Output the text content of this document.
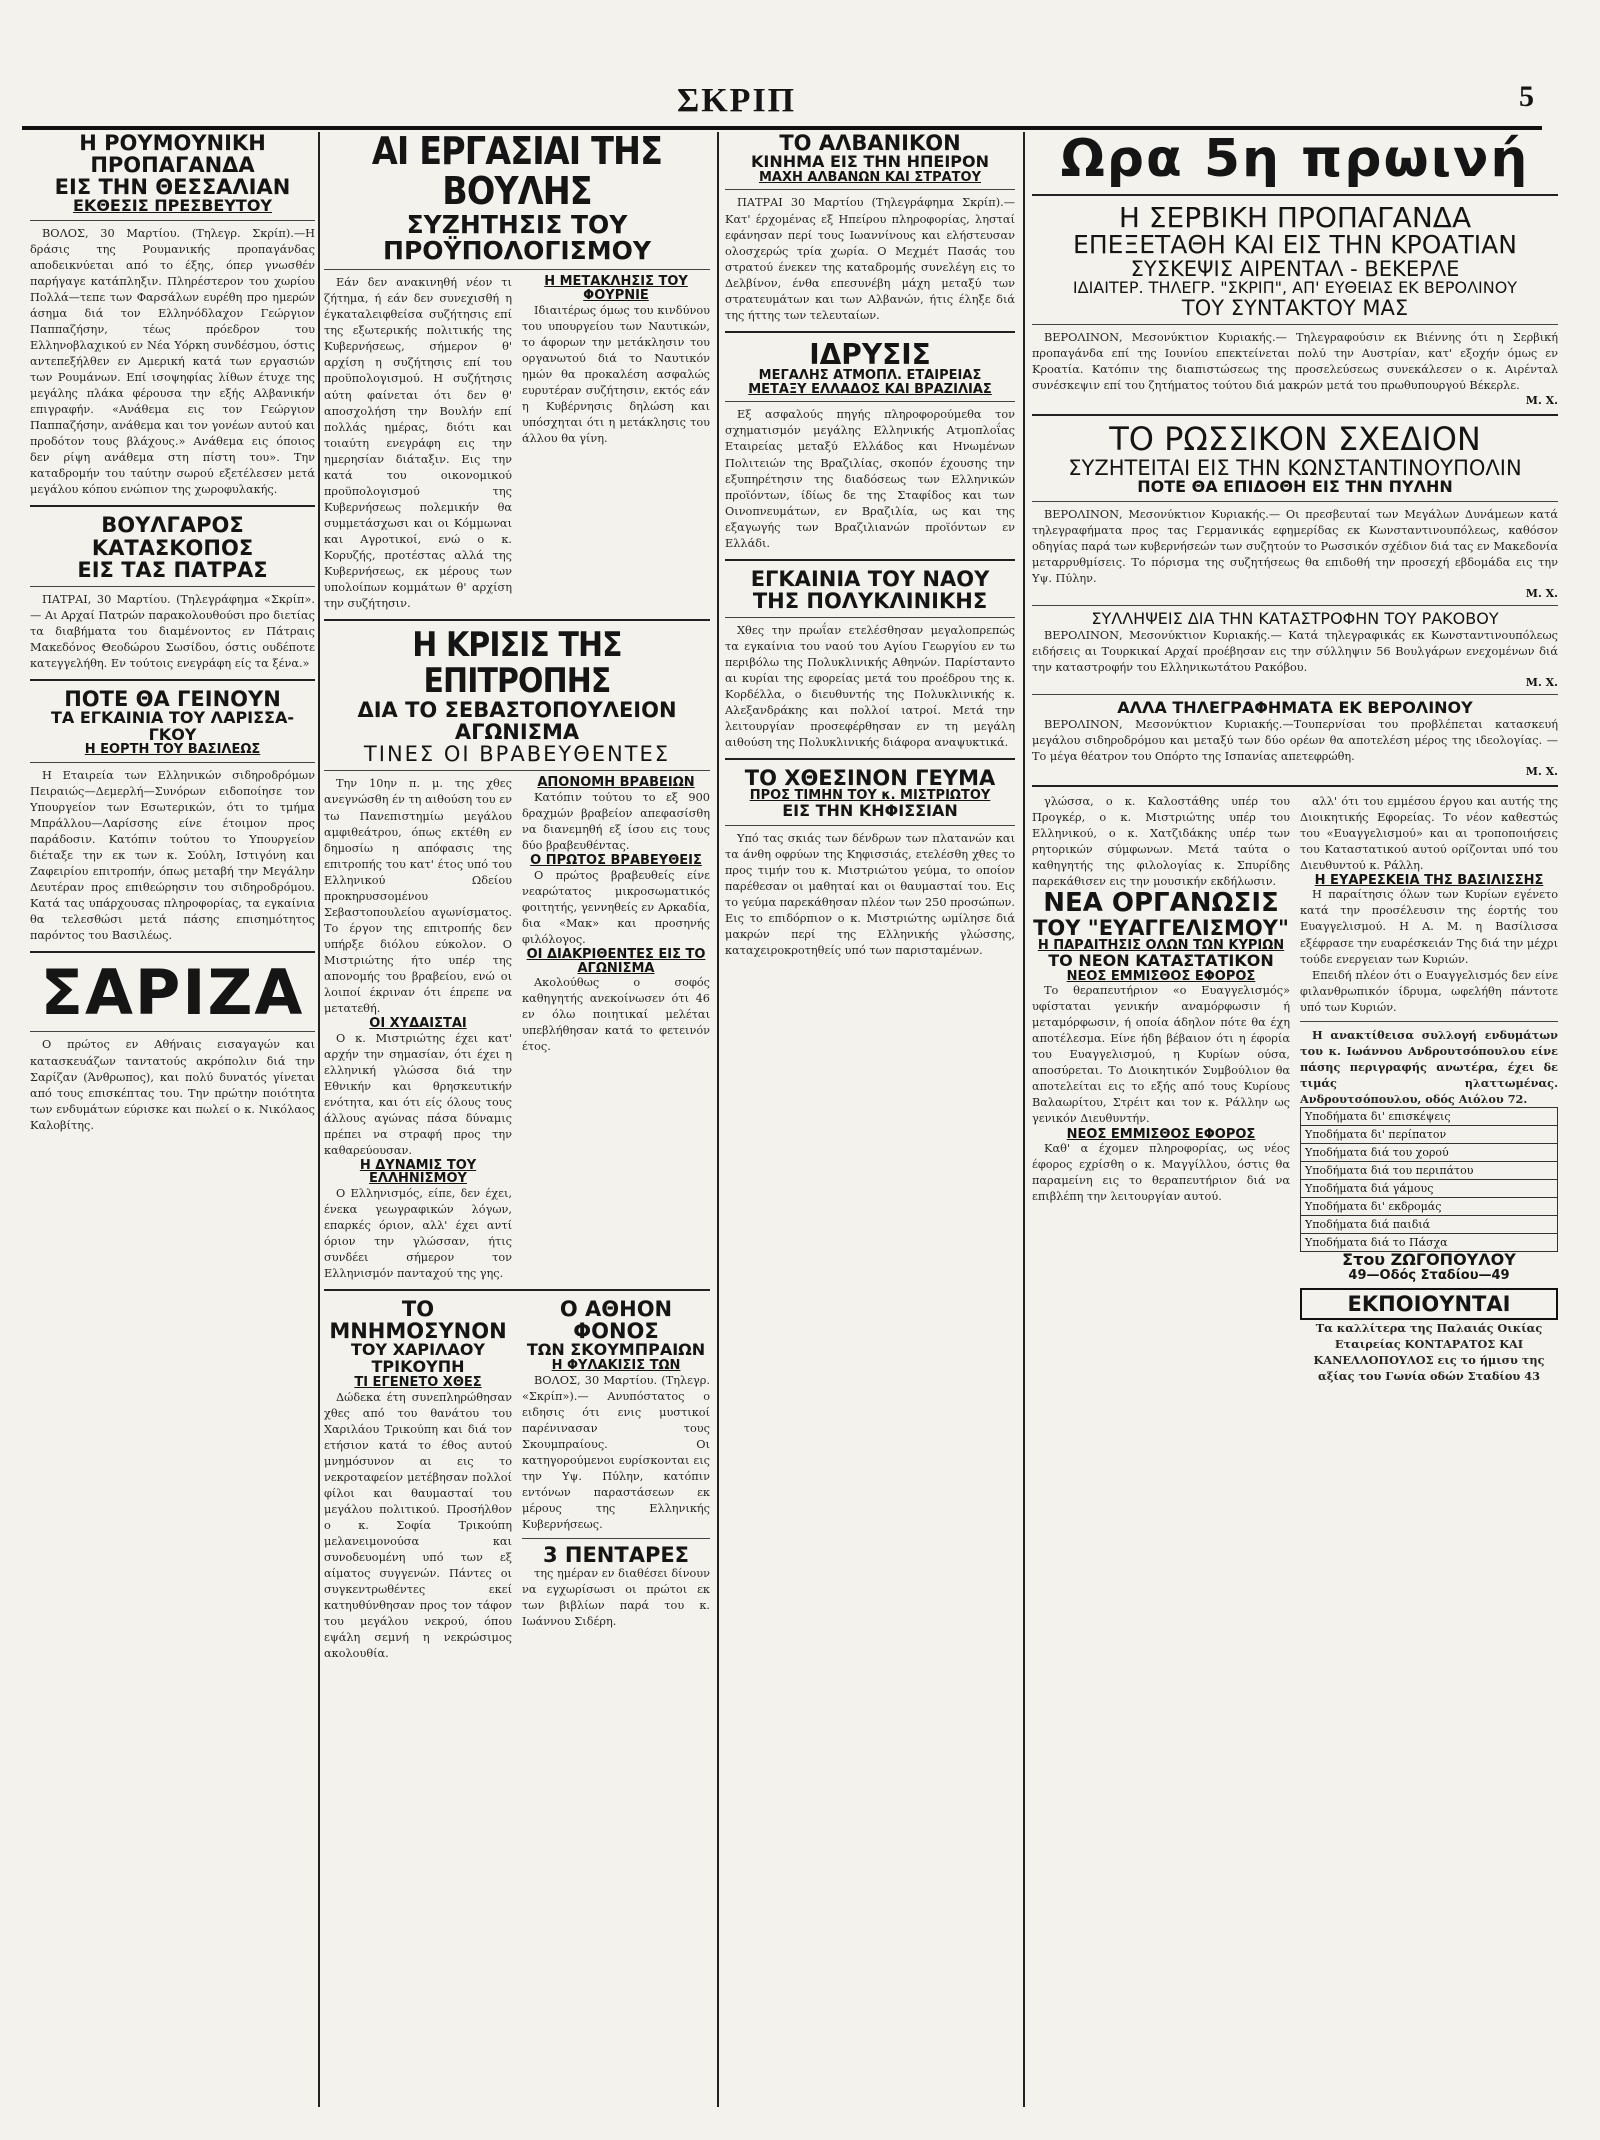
ΣΚΡΙΠ	5
Η ΡΟΥΜΟΥΝΙΚΗ ΠΡΟΠΑΓΑΝΔΑ
ΕΙΣ ΤΗΝ ΘΕΣΣΑΛΙΑΝ
ΕΚΘΕΣΙΣ ΠΡΕΣΒΕΥΤΟΥ

ΒΟΛΟΣ, 30 Μαρτίου. (Τηλεγρ. Σκρίπ).—Η δράσις της Ρουμανικής προπαγάνδας αποδεικνύεται από το έξης, όπερ γνωσθέν παρήγαγε κατάπληξιν. Πληρέστερον του χωρίου Πολλά—τεπε των Φαρσάλων ευρέθη προ ημερών άσημα διά τον Ελληνόδλαχον Γεώργιον Παππαζήσην, τέως πρόεδρον του Ελληνοβλαχικού εν Νέα Υόρκη συνδέσμου, όστις αντεπεξήλθεν εν Αμερική κατά των εργασιών των Ρουμάνων. Επί ισοψηφίας λίθων έτυχε της μεγάλης πλάκα φέρουσα την εξής Αλβανικήν επιγραφήν. «Ανάθεμα εις τον Γεώργιον Παππαζήσην, ανάθεμα και τον γονέων αυτού και προδότον τους βλάχους.» Ανάθεμα εις όποιος δεν ρίψη ανάθεμα στη πίστη του». Την καταδρομήν του ταύτην σωρού εξετέλεσεν μετά μεγάλου κόπου ενώπιον της χωροφυλακής.

ΒΟΥΛΓΑΡΟΣ ΚΑΤΑΣΚΟΠΟΣ
ΕΙΣ ΤΑΣ ΠΑΤΡΑΣ

ΠΑΤΡΑΙ, 30 Μαρτίου. (Τηλεγράφημα «Σκρίπ».— Αι Αρχαί Πατρών παρακολουθούσι προ διετίας τα διαβήματα του διαμένοντος εν Πάτραις Μακεδόνος Θεοδώρου Σωσίδου, όστις ουδέποτε κατεγγελήθη. Εν τούτοις ενεγράφη είς τα ξένα.»

ΠΟΤΕ ΘΑ ΓΕΙΝΟΥΝ
ΤΑ ΕΓΚΑΙΝΙΑ ΤΟΥ ΛΑΡΙΣΣΑ-ΓΚΟΥ
Η ΕΟΡΤΗ ΤΟΥ ΒΑΣΙΛΕΩΣ

Η Εταιρεία των Ελληνικών σιδηροδρόμων Πειραιώς—Δεμερλή—Συνόρων ειδοποίησε τον Υπουργείον των Εσωτερικών, ότι το τμήμα Μπράλλου—Λαρίσσης είνε έτοιμον προς παράδοσιν. Κατόπιν τούτου το Υπουργείον διέταξε την εκ των κ. Σούλη, Ιστιγόνη και Ζαφειρίου επιτροπήν, όπως μεταβή την Μεγάλην Δευτέραν προς επιθεώρησιν του σιδηροδρόμου. Κατά τας υπάρχουσας πληροφορίας, τα εγκαίνια θα τελεσθώσι μετά πάσης επισημότητος παρόντος του Βασιλέως.

ΣΑΡΙΖΑ

Ο πρώτος εν Αθήναις εισαγαγών και κατασκευάζων ταντατούς ακρόπολιν διά την Σαρίζαν (Άνθρωπος), και πολύ δυνατός γίνεται από τους επισκέπτας του. Την πρώτην ποιότητα των ενδυμάτων εύρισκε και πωλεί ο κ. Νικόλαος Καλοβίτης.

ΑΙ ΕΡΓΑΣΙΑΙ ΤΗΣ ΒΟΥΛΗΣ
ΣΥΖΗΤΗΣΙΣ ΤΟΥ ΠΡΟΫΠΟΛΟΓΙΣΜΟΥ

Εάν δεν ανακινηθή νέον τι ζήτημα, ή εάν δεν συνεχισθή η έγκαταλειφθείσα συζήτησις επί της εξωτερικής πολιτικής της Κυβερνήσεως, σήμερον θ' αρχίση η συζήτησις επί του προϋπολογισμού. Η συζήτησις αύτη φαίνεται ότι δεν θ' αποσχολήση την Βουλήν επί πολλάς ημέρας, διότι και τοιαύτη ενεγράφη εις την ημερησίαν διάταξιν. Εις την κατά του οικονομικού προϋπολογισμού της Κυβερνήσεως πολεμικήν θα συμμετάσχωσι και οι Κόμμωναι και Αγροτικοί, ενώ ο κ. Κορυζής, προτέστας αλλά της Κυβερνήσεως, εκ μέρους των υπολοίπων κομμάτων θ' αρχίση την συζήτησιν.

Η ΜΕΤΑΚΛΗΣΙΣ ΤΟΥ ΦΟΥΡΝΙΕ

Ιδιαιτέρως όμως του κινδύνου του υπουργείου των Ναυτικών, το άφορων την μετάκλησιν του οργανωτού διά το Ναυτικόν ημών θα προκαλέση ασφαλώς ευρυτέραν συζήτησιν, εκτός εάν η Κυβέρνησις δηλώση και υπόσχηται ότι η μετάκλησις του άλλου θα γίνη.

Η ΚΡΙΣΙΣ ΤΗΣ ΕΠΙΤΡΟΠΗΣ
ΔΙΑ ΤΟ ΣΕΒΑΣΤΟΠΟΥΛΕΙΟΝ ΑΓΩΝΙΣΜΑ
ΤΙΝΕΣ ΟΙ ΒΡΑΒΕΥΘΕΝΤΕΣ

Την 10ην π. μ. της χθες ανεγνώσθη έν τη αιθούση του εν τω Πανεπιστημίω μεγάλου αμφιθεάτρου, όπως εκτέθη εν δημοσίω η απόφασις της επιτροπής του κατ' έτος υπό του Ελληνικού Ωδείου προκηρυσσομένου Σεβαστοπουλείου αγωνίσματος. Το έργον της επιτροπής δεν υπήρξε διόλου εύκολον. Ο Μιστριώτης ήτο υπέρ της απονομής του βραβείου, ενώ οι λοιποί έκριναν ότι έπρεπε να μετατεθή.

ΟΙ ΧΥΔΑΙΣΤΑΙ

Ο κ. Μιστριώτης έχει κατ' αρχήν την σημασίαν, ότι έχει η ελληνική γλώσσα διά την Εθνικήν και θρησκευτικήν ενότητα, και ότι είς όλους τους άλλους αγώνας πάσα δύναμις πρέπει να στραφή προς την καθαρεύουσαν.

Η ΔΥΝΑΜΙΣ ΤΟΥ ΕΛΛΗΝΙΣΜΟΥ

Ο Ελληνισμός, είπε, δεν έχει, ένεκα γεωγραφικών λόγων, επαρκές όριον, αλλ' έχει αντί όριον την γλώσσαν, ήτις συνδέει σήμερον τον Ελληνισμόν πανταχού της γης.

ΑΠΟΝΟΜΗ ΒΡΑΒΕΙΩΝ

Κατόπιν τούτου το εξ 900 δραχμών βραβείον απεφασίσθη να διανεμηθή εξ ίσου εις τους δύο βραβευθέντας.

Ο ΠΡΩΤΟΣ ΒΡΑΒΕΥΘΕΙΣ

Ο πρώτος βραβευθείς είνε νεαρώτατος μικροσωματικός φοιτητής, γεννηθείς εν Αρκαδία, δια «Μακ» και προσηνής φιλόλογος.

ΟΙ ΔΙΑΚΡΙΘΕΝΤΕΣ ΕΙΣ ΤΟ ΑΓΩΝΙΣΜΑ

Ακολούθως ο σοφός καθηγητής ανεκοίνωσεν ότι 46 εν όλω ποιητικαί μελέται υπεβλήθησαν κατά το φετεινόν έτος.

ΤΟ ΜΝΗΜΟΣΥΝΟΝ
ΤΟΥ ΧΑΡΙΛΑΟΥ ΤΡΙΚΟΥΠΗ
ΤΙ ΕΓΕΝΕΤΟ ΧΘΕΣ

Δώδεκα έτη συνεπληρώθησαν χθες από του θανάτου του Χαριλάου Τρικούπη και διά τον ετήσιον κατά το έθος αυτού μνημόσυνον αι εις το νεκροταφείον μετέβησαν πολλοί φίλοι και θαυμασταί του μεγάλου πολιτικού. Προσήλθον ο κ. Σοφία Τρικούπη μελανειμονούσα και συνοδευομένη υπό των εξ αίματος συγγενών. Πάντες οι συγκεντρωθέντες εκεί κατηυθύνθησαν προς τον τάφον του μεγάλου νεκρού, όπου εψάλη σεμνή η νεκρώσιμος ακολουθία.

Ο ΑΘΗΟΝ ΦΟΝΟΣ
ΤΩΝ ΣΚΟΥΜΠΡΑΙΩΝ
Η ΦΥΛΑΚΙΣΙΣ ΤΩΝ

ΒΟΛΟΣ, 30 Μαρτίου. (Τηλεγρ. «Σκρίπ»).— Ανυπόστατος ο ειδησις ότι ενις μυστικοί παρένινασαν τους Σκουμπραίους. Οι κατηγορούμενοι ευρίσκονται εις την Υψ. Πύλην, κατόπιν εντόνων παραστάσεων εκ μέρους της Ελληνικής Κυβερνήσεως.

3 ΠΕΝΤΑΡΕΣ

της ημέραν εν διαθέσει δίνουν να εγχωρίσωσι οι πρώτοι εκ των βιβλίων παρά του κ. Ιωάννου Σιδέρη.

ΤΟ ΑΛΒΑΝΙΚΟΝ
ΚΙΝΗΜΑ ΕΙΣ ΤΗΝ ΗΠΕΙΡΟΝ
ΜΑΧΗ ΑΛΒΑΝΩΝ ΚΑΙ ΣΤΡΑΤΟΥ

ΠΑΤΡΑΙ 30 Μαρτίου (Τηλεγράφημα Σκρίπ).—Κατ' έρχομένας εξ Ηπείρου πληροφορίας, λησταί εφάνησαν περί τους Ιωαννίνους και ελήστευσαν ολοσχερώς τρία χωρία. Ο Μεχμέτ Πασάς του στρατού ένεκεν της καταδρομής συνελέγη εις το Δελβίνον, ένθα επεσυνέβη μάχη μεταξύ των στρατευμάτων και των Αλβανών, ήτις έληξε διά της ήττης των τελευταίων.

ΙΔΡΥΣΙΣ
ΜΕΓΑΛΗΣ ΑΤΜΟΠΛ. ΕΤΑΙΡΕΙΑΣ
ΜΕΤΑΞΥ ΕΛΛΑΔΟΣ ΚΑΙ ΒΡΑΖΙΛΙΑΣ

Εξ ασφαλούς πηγής πληροφορούμεθα τον σχηματισμόν μεγάλης Ελληνικής Ατμοπλοΐας Εταιρείας μεταξύ Ελλάδος και Ηνωμένων Πολιτειών της Βραζιλίας, σκοπόν έχουσης την εξυπηρέτησιν της διαδόσεως των Ελληνικών προϊόντων, ίδίως δε της Σταφίδος και των Οινοπνευμάτων, εν Βραζιλία, ως και της εξαγωγής των Βραζιλιανών προϊόντων εν Ελλάδι.

ΕΓΚΑΙΝΙΑ ΤΟΥ ΝΑΟΥ
ΤΗΣ ΠΟΛΥΚΛΙΝΙΚΗΣ

Χθες την πρωΐαν ετελέσθησαν μεγαλοπρεπώς τα εγκαίνια του ναού του Αγίου Γεωργίου εν τω περιβόλω της Πολυκλινικής Αθηνών. Παρίσταντο αι κυρίαι της εφορείας μετά του προέδρου της κ. Κορδέλλα, ο διευθυντής της Πολυκλινικής κ. Αλεξανδράκης και πολλοί ιατροί. Μετά την λειτουργίαν προσεφέρθησαν εν τη μεγάλη αιθούση της Πολυκλινικής διάφορα αναψυκτικά.

ΤΟ ΧΘΕΣΙΝΟΝ ΓΕΥΜΑ
ΠΡΟΣ ΤΙΜΗΝ ΤΟΥ κ. ΜΙΣΤΡΙΩΤΟΥ
ΕΙΣ ΤΗΝ ΚΗΦΙΣΣΙΑΝ

Υπό τας σκιάς των δένδρων των πλατανών και τα άνθη οφρύων της Κηφισσιάς, ετελέσθη χθες το προς τιμήν του κ. Μιστριώτου γεύμα, το οποίον παρέθεσαν οι μαθηταί και οι θαυμασταί του. Εις το γεύμα παρεκάθησαν πλέον των 250 προσώπων. Εις το επιδόρπιον ο κ. Μιστριώτης ωμίλησε διά μακρών περί της Ελληνικής γλώσσης, καταχειροκροτηθείς υπό των παρισταμένων.

Ωρα 5η πρωινή
Η ΣΕΡΒΙΚΗ ΠΡΟΠΑΓΑΝΔΑ
ΕΠΕΞΕΤΑΘΗ ΚΑΙ ΕΙΣ ΤΗΝ ΚΡΟΑΤΙΑΝ
ΣΥΣΚΕΨΙΣ ΑΙΡΕΝΤΑΛ - ΒΕΚΕΡΛΕ
ΙΔΙΑΙΤΕΡ. ΤΗΛΕΓΡ. "ΣΚΡΙΠ", ΑΠ' ΕΥΘΕΙΑΣ ΕΚ ΒΕΡΟΛΙΝΟΥ
ΤΟΥ ΣΥΝΤΑΚΤΟΥ ΜΑΣ

ΒΕΡΟΛΙΝΟΝ, Μεσονύκτιον Κυριακής.— Τηλεγραφούσιν εκ Βιέννης ότι η Σερβική προπαγάνδα επί της Ιουνίου επεκτείνεται πολύ την Αυστρίαν, κατ' εξοχήν όμως εν Κροατία. Κατόπιν της διαπιστώσεως της προσελεύσεως συνεκάλεσεν ο κ. Αιρένταλ συνέσκεψιν επί του ζητήματος τούτου διά μακρών μετά του πρωθυπουργού Βέκερλε.

Μ. Χ.
ΤΟ ΡΩΣΣΙΚΟΝ ΣΧΕΔΙΟΝ
ΣΥΖΗΤΕΙΤΑΙ ΕΙΣ ΤΗΝ ΚΩΝΣΤΑΝΤΙΝΟΥΠΟΛΙΝ
ΠΟΤΕ ΘΑ ΕΠΙΔΟΘΗ ΕΙΣ ΤΗΝ ΠΥΛΗΝ

ΒΕΡΟΛΙΝΟΝ, Μεσονύκτιον Κυριακής.— Οι πρεσβευταί των Μεγάλων Δυνάμεων κατά τηλεγραφήματα προς τας Γερμανικάς εφημερίδας εκ Κωνσταντινουπόλεως, καθόσον οδηγίας παρά των κυβερνήσεών των συζητούν το Ρωσσικόν σχέδιον διά τας εν Μακεδονία μεταρρυθμίσεις. Το πόρισμα της συζητήσεως θα επιδοθή την προσεχή εβδομάδα εις την Υψ. Πύλην.

Μ. Χ.
ΣΥΛΛΗΨΕΙΣ ΔΙΑ ΤΗΝ ΚΑΤΑΣΤΡΟΦΗΝ ΤΟΥ ΡΑΚΟΒΟΥ

ΒΕΡΟΛΙΝΟΝ, Μεσονύκτιον Κυριακής.— Κατά τηλεγραφικάς εκ Κωνσταντινουπόλεως ειδήσεις αι Τουρκικαί Αρχαί προέβησαν εις την σύλληψιν 56 Βουλγάρων ενεχομένων διά την καταστροφήν του Ελληνικωτάτου Ρακόβου.

Μ. Χ.
ΑΛΛΑ ΤΗΛΕΓΡΑΦΗΜΑΤΑ ΕΚ ΒΕΡΟΛΙΝΟΥ

ΒΕΡΟΛΙΝΟΝ, Μεσονύκτιον Κυριακής.—Τουπερνίσαι του προβλέπεται κατασκευή μεγάλου σιδηροδρόμου και μεταξύ των δύο ορέων θα αποτελέση μέρος της ιδεολογίας. — Το μέγα θέατρον του Οπόρτο της Ισπανίας απετεφρώθη.

Μ. Χ.

γλώσσα, ο κ. Καλοστάθης υπέρ του Προγκέρ, ο κ. Μιστριώτης υπέρ του Ελληνικού, ο κ. Χατζιδάκης υπέρ των ρητορικών σύμφωνων. Μετά ταύτα ο καθηγητής της φιλολογίας κ. Σπυρίδης παρεκάθισεν εις την μουσικήν εκδήλωσιν.

ΝΕΑ ΟΡΓΑΝΩΣΙΣ
ΤΟΥ "ΕΥΑΓΓΕΛΙΣΜΟΥ"
Η ΠΑΡΑΙΤΗΣΙΣ ΟΛΩΝ ΤΩΝ ΚΥΡΙΩΝ
ΤΟ ΝΕΟΝ ΚΑΤΑΣΤΑΤΙΚΟΝ
ΝΕΟΣ ΕΜΜΙΣΘΟΣ ΕΦΟΡΟΣ

Το θεραπευτήριον «ο Ευαγγελισμός» υφίσταται γενικήν αναμόρφωσιν ή μεταμόρφωσιν, ή οποία άδηλον πότε θα έχη αποτέλεσμα. Είνε ήδη βέβαιον ότι η έφορία του Ευαγγελισμού, η Κυρίων ούσα, αποσύρεται. Το Διοικητικόν Συμβούλιον θα αποτελείται εις το εξής από τους Κυρίους Βαλαωρίτου, Στρέιτ και τον κ. Ράλλην ως γενικόν Διευθυντήν.

ΝΕΟΣ ΕΜΜΙΣΘΟΣ ΕΦΟΡΟΣ

Καθ' α έχομεν πληροφορίας, ως νέος έφορος εχρίσθη ο κ. Μαγγίλλου, όστις θα παραμείνη εις το θεραπευτήριον διά να επιβλέπη την λειτουργίαν αυτού.

αλλ' ότι του εμμέσου έργου και αυτής της Διοικητικής Εφορείας. Το νέον καθεστώς του «Ευαγγελισμού» και αι τροποποιήσεις του Καταστατικού αυτού ορίζονται υπό του Διευθυντού κ. Ράλλη.

Η ΕΥΑΡΕΣΚΕΙΑ ΤΗΣ ΒΑΣΙΛΙΣΣΗΣ

Η παραίτησις όλων των Κυρίων εγένετο κατά την προσέλευσιν της έορτής του Ευαγγελισμού. Η Α. Μ. η Βασίλισσα εξέφρασε την ευαρέσκειάν Της διά την μέχρι τούδε ενεργειαν των Κυριών.

Επειδή πλέον ότι ο Ευαγγελισμός δεν είνε φιλανθρωπικόν ίδρυμα, ωφελήθη πάντοτε υπό των Κυριών.

Η ανακτίθεισα συλλογή ενδυμάτων του κ. Ιωάννου Ανδρουτσόπουλου είνε πάσης περιγραφής ανωτέρα, έχει δε τιμάς ηλαττωμένας. Ανδρουτσόπουλου, οδός Αιόλου 72.

Υποδήματα δι' επισκέψεις
Υποδήματα δι' περίπατον
Υποδήματα διά του χορού
Υποδήματα διά του περιπάτου
Υποδήματα διά γάμους
Υποδήματα δι' εκδρομάς
Υποδήματα διά παιδιά
Υποδήματα διά το Πάσχα
Στου ΖΩΓΟΠΟΥΛΟΥ
49—Οδός Σταδίου—49
ΕΚΠΟΙΟΥΝΤΑΙ

Τα καλλίτερα της Παλαιάς Οικίας Εταιρείας ΚΟΝΤΑΡΑΤΟΣ ΚΑΙ ΚΑΝΕΛΛΟΠΟΥΛΟΣ εις το ήμισυ της αξίας του Γωνία οδών Σταδίου 43
